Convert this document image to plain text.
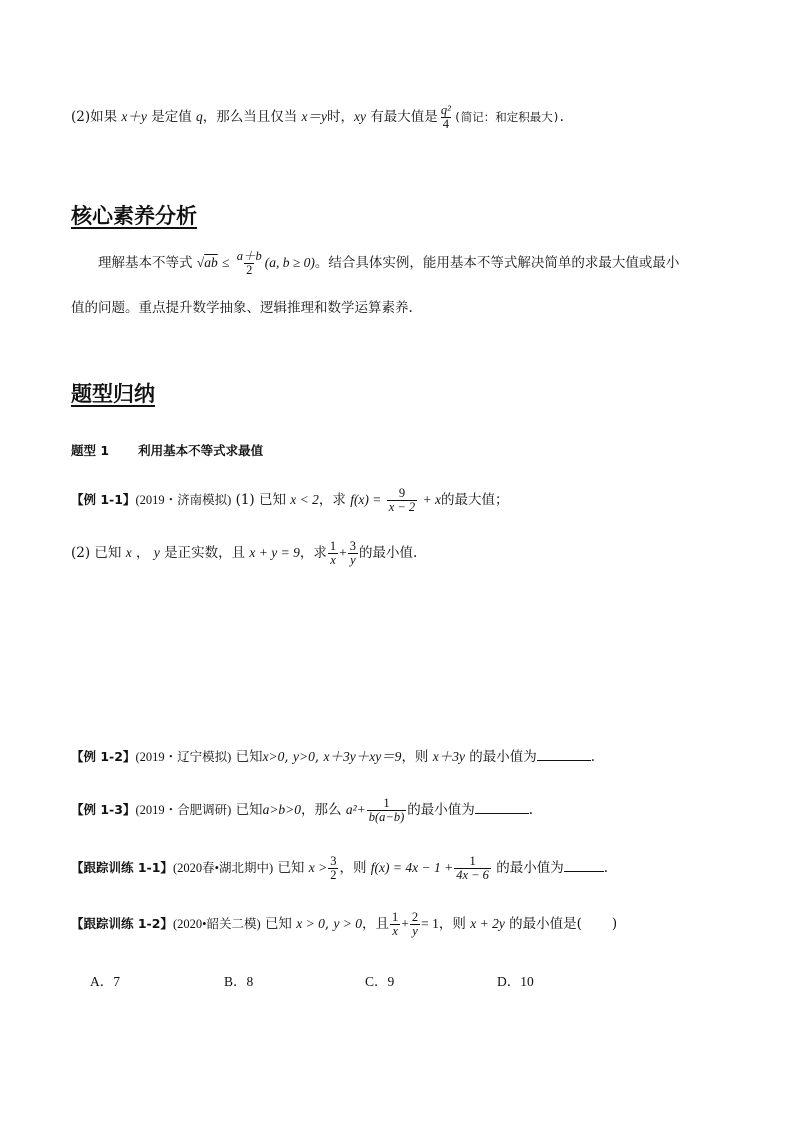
(2)如果 x＋y 是定值 q，那么当且仅当 x＝y时，xy 有最大值是 $\frac{\text{q²}}{4}$ (简记：和定积最大).
核心素养分析
理解基本不等式 $√ab \le \frac{a+b}{2} (a$, b ≥ 0)。结合具体实例，能用基本不等式解决简单的求最大值或最小
值的问题。重点提升数学抽象、逻辑推理和数学运算素养.
题型归纳
题型 1 利用基本不等式求最值
【例 1-1】(2019・济南模拟) (1) 已知 x < 2，求 $f(x) = \frac{9}{x - 2} + x$的最大值；
(2) 已知 x ， y 是正实数，且 x + y = 9，求 $\frac{1}{x} + \frac{3}{y}$ 的最小值.
【例 1-2】(2019・辽宁模拟) 已知x>0, y>0, x＋3y＋xy＝9，则 x＋3y 的最小值为	.
【例 1-3】(2019・合肥调研) 已知a>b>0，那么 $a^2+ \frac{1}{b(a-b)}$ 的最小值为	.
【跟踪训练 1-1】(2020春•湖北期中) 已知 $x > \frac{3}{2}$ ，则 $f(x) = 4x - 1 + \frac{1}{4x - 6}$ 的最小值为	.
【跟踪训练 1-2】(2020•韶关二模) 已知 x > 0, y > 0，且 $\frac{1}{x} + \frac{2}{y} = 1$，则 x + 2y 的最小值是( )
A．7	B．8	C．9	D．10
